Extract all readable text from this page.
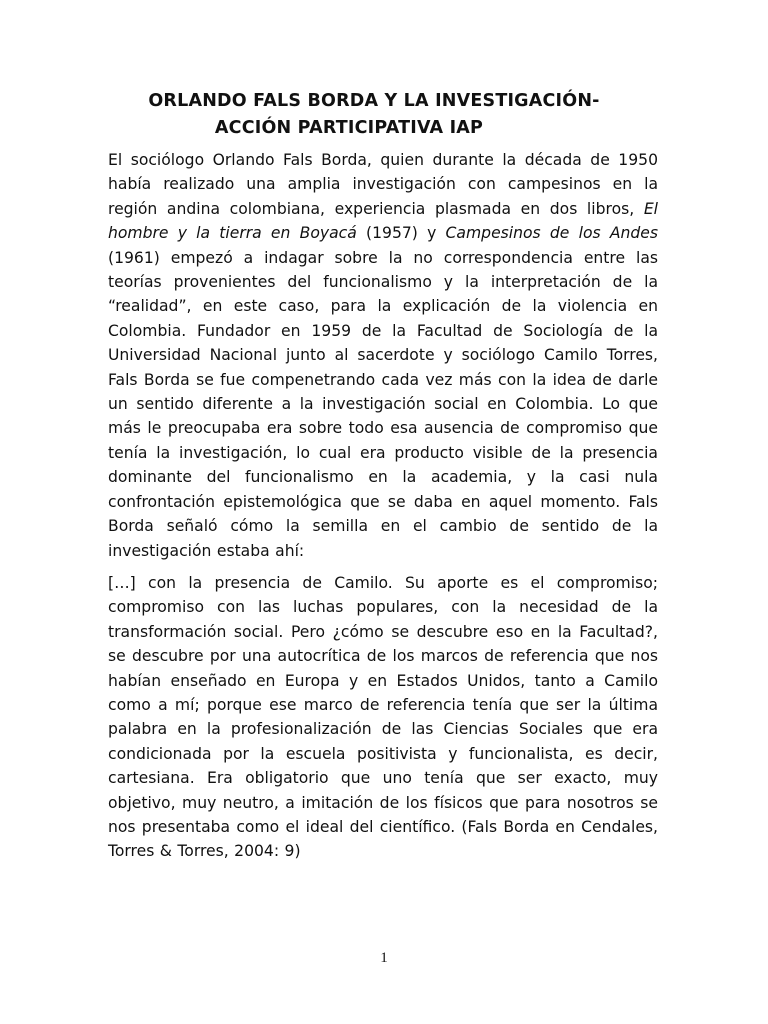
ORLANDO FALS BORDA Y LA INVESTIGACIÓN-
ACCIÓN PARTICIPATIVA IAP

El sociólogo Orlando Fals Borda, quien durante la década de 1950 había realizado una amplia investigación con campesinos en la región andina colombiana, experiencia plasmada en dos libros, El hombre y la tierra en Boyacá (1957) y Campesinos de los Andes (1961) empezó a indagar sobre la no correspondencia entre las teorías provenientes del funcionalismo y la interpretación de la “realidad”, en este caso, para la explicación de la violencia en Colombia. Fundador en 1959 de la Facultad de Sociología de la Universidad Nacional junto al sacerdote y sociólogo Camilo Torres, Fals Borda se fue compenetrando cada vez más con la idea de darle un sentido diferente a la investigación social en Colombia. Lo que más le preocupaba era sobre todo esa ausencia de compromiso que tenía la investigación, lo cual era producto visible de la presencia dominante del funcionalismo en la academia, y la casi nula confrontación epistemológica que se daba en aquel momento. Fals Borda señaló cómo la semilla en el cambio de sentido de la investigación estaba ahí:

[…] con la presencia de Camilo. Su aporte es el compromiso; compromiso con las luchas populares, con la necesidad de la transformación social. Pero ¿cómo se descubre eso en la Facultad?, se descubre por una autocrítica de los marcos de referencia que nos habían enseñado en Europa y en Estados Unidos, tanto a Camilo como a mí; porque ese marco de referencia tenía que ser la última palabra en la profesionalización de las Ciencias Sociales que era condicionada por la escuela positivista y funcionalista, es decir, cartesiana. Era obligatorio que uno tenía que ser exacto, muy objetivo, muy neutro, a imitación de los físicos que para nosotros se nos presentaba como el ideal del científico. (Fals Borda en Cendales, Torres & Torres, 2004: 9)

1
